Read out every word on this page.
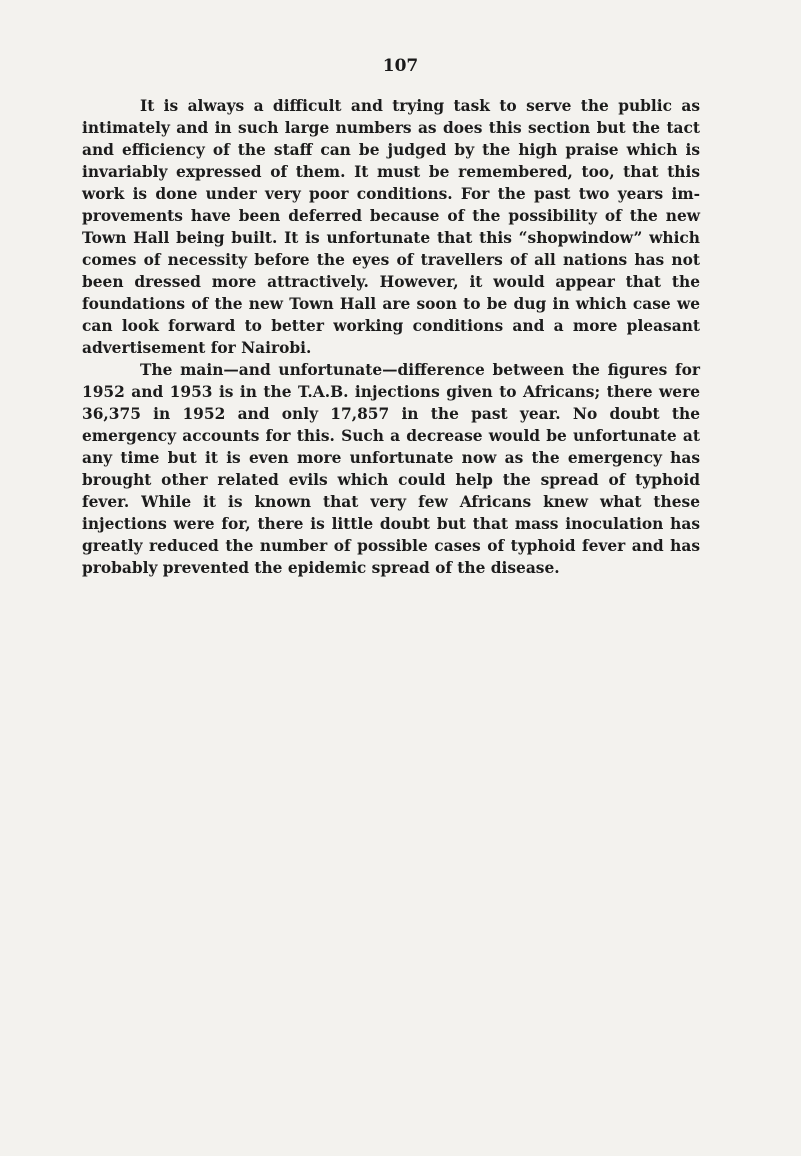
107

It is always a difficult and trying task to serve the public as intimately and in such large numbers as does this section but the tact and efficiency of the staff can be judged by the high praise which is invariably expressed of them. It must be remembered, too, that this work is done under very poor conditions. For the past two years im- provements have been deferred because of the possibility of the new Town Hall being built. It is unfortunate that this “shopwindow” which comes of necessity before the eyes of travellers of all nations has not been dressed more attractively. However, it would appear that the foundations of the new Town Hall are soon to be dug in which case we can look forward to better working conditions and a more pleasant advertisement for Nairobi.

The main—and unfortunate—difference between the figures for 1952 and 1953 is in the T.A.B. injections given to Africans; there were 36,375 in 1952 and only 17,857 in the past year. No doubt the emergency accounts for this. Such a decrease would be unfortunate at any time but it is even more unfortunate now as the emergency has brought other related evils which could help the spread of typhoid fever. While it is known that very few Africans knew what these injections were for, there is little doubt but that mass inoculation has greatly reduced the number of possible cases of typhoid fever and has probably prevented the epidemic spread of the disease.
